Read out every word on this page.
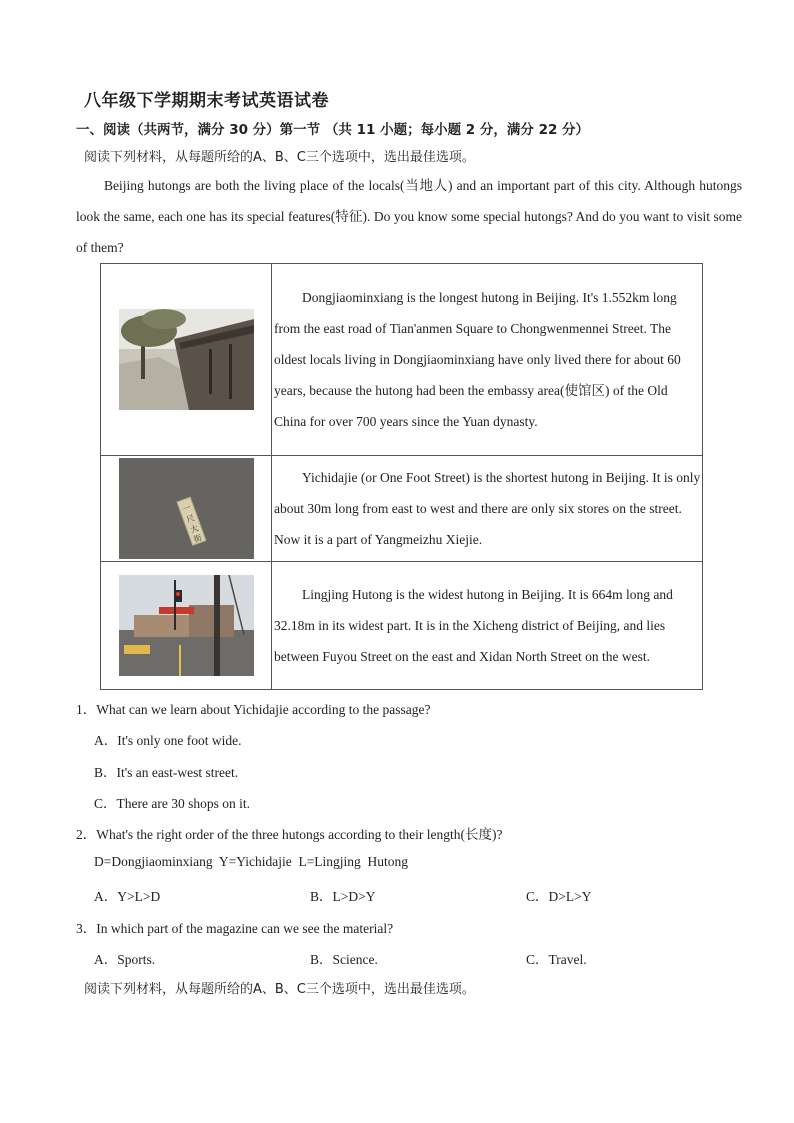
八年级下学期期末考试英语试卷
一、阅读（共两节，满分 30 分）第一节 （共 11 小题；每小题 2 分，满分 22 分）
阅读下列材料，从每题所给的A、B、C三个选项中，选出最佳选项。
Beijing hutongs are both the living place of the locals(当地人) and an important part of this city. Although hutongs look the same, each one has its special features(特征). Do you know some special hutongs? And do you want to visit some of them?
	Dongjiaominxiang is the longest hutong in Beijing. It's 1.552km long from the east road of Tian'anmen Square to Chongwenmennei Street. The oldest locals living in Dongjiaominxiang have only lived there for about 60 years, because the hutong had been the embassy area(使馆区) of the Old China for over 700 years since the Yuan dynasty.

一
尺
大
街	Yichidajie (or One Foot Street) is the shortest hutong in Beijing. It is only about 30m long from east to west and there are only six stores on the street. Now it is a part of Yangmeizhu Xiejie.

	Lingjing Hutong is the widest hutong in Beijing. It is 664m long and 32.18m in its widest part. It is in the Xicheng district of Beijing, and lies between Fuyou Street on the east and Xidan North Street on the west.
1．What can we learn about Yichidajie according to the passage?
A．It's only one foot wide.
B．It's an east-west street.
C．There are 30 shops on it.
2．What's the right order of the three hutongs according to their length(长度)?
D=Dongjiaominxiang  Y=Yichidajie  L=Lingjing  Hutong
A．Y>L>D	B．L>D>Y	C．D>L>Y
3．In which part of the magazine can we see the material?
A．Sports.	B．Science.	C．Travel.
阅读下列材料，从每题所给的A、B、C三个选项中，选出最佳选项。
